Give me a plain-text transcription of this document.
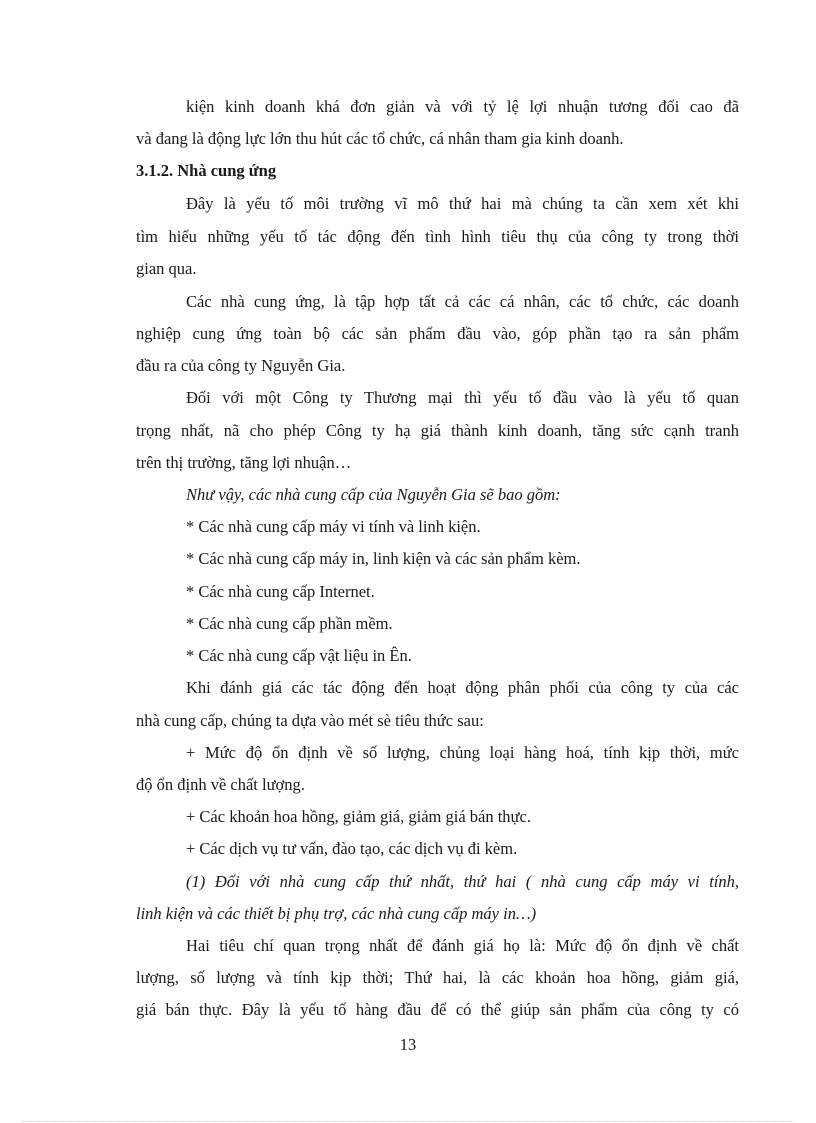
kiện kinh doanh khá đơn giản và với tỷ lệ lợi nhuận tương đối cao đã
và đang là động lực lớn thu hút các tổ chức, cá nhân tham gia kinh doanh.
3.1.2. Nhà cung ứng
Đây là yếu tố môi trường vĩ mô thứ hai mà chúng ta cần xem xét khi
tìm hiểu những yếu tố tác động đến tình hình tiêu thụ của công ty trong thời
gian qua.
Các nhà cung ứng, là tập hợp tất cả các cá nhân, các tổ chức, các doanh
nghiệp cung ứng toàn bộ các sản phẩm đầu vào, góp phần tạo ra sản phẩm
đầu ra của công ty Nguyễn Gia.
Đối với một Công ty Thương mại thì yếu tố đầu vào là yếu tố quan
trọng nhất, nã cho phép Công ty hạ giá thành kinh doanh, tăng sức cạnh tranh
trên thị trường, tăng lợi nhuận…
Như vậy, các nhà cung cấp của Nguyễn Gia sẽ bao gồm:
* Các nhà cung cấp máy vi tính và linh kiện.
* Các nhà cung cấp máy in, linh kiện và các sản phẩm kèm.
* Các nhà cung cấp Internet.
* Các nhà cung cấp phần mềm.
* Các nhà cung cấp vật liệu in Ên.
Khi đánh giá các tác động đến hoạt động phân phối của công ty của các
nhà cung cấp, chúng ta dựa vào mét sè tiêu thức sau:
+ Mức độ ổn định về số lượng, chủng loại hàng hoá, tính kịp thời, mức
độ ổn định về chất lượng.
+ Các khoản hoa hồng, giảm giá, giảm giá bán thực.
+ Các dịch vụ tư vấn, đào tạo, các dịch vụ đi kèm.
(1) Đối với nhà cung cấp thứ nhất, thứ hai ( nhà cung cấp máy vi tính,
linh kiện và các thiết bị phụ trợ, các nhà cung cấp máy in…)
Hai tiêu chí quan trọng nhất để đánh giá họ là: Mức độ ổn định về chất
lượng, số lượng và tính kịp thời; Thứ hai, là các khoản hoa hồng, giảm giá,
giá bán thực. Đây là yếu tố hàng đầu để có thể giúp sản phẩm của công ty có
13
